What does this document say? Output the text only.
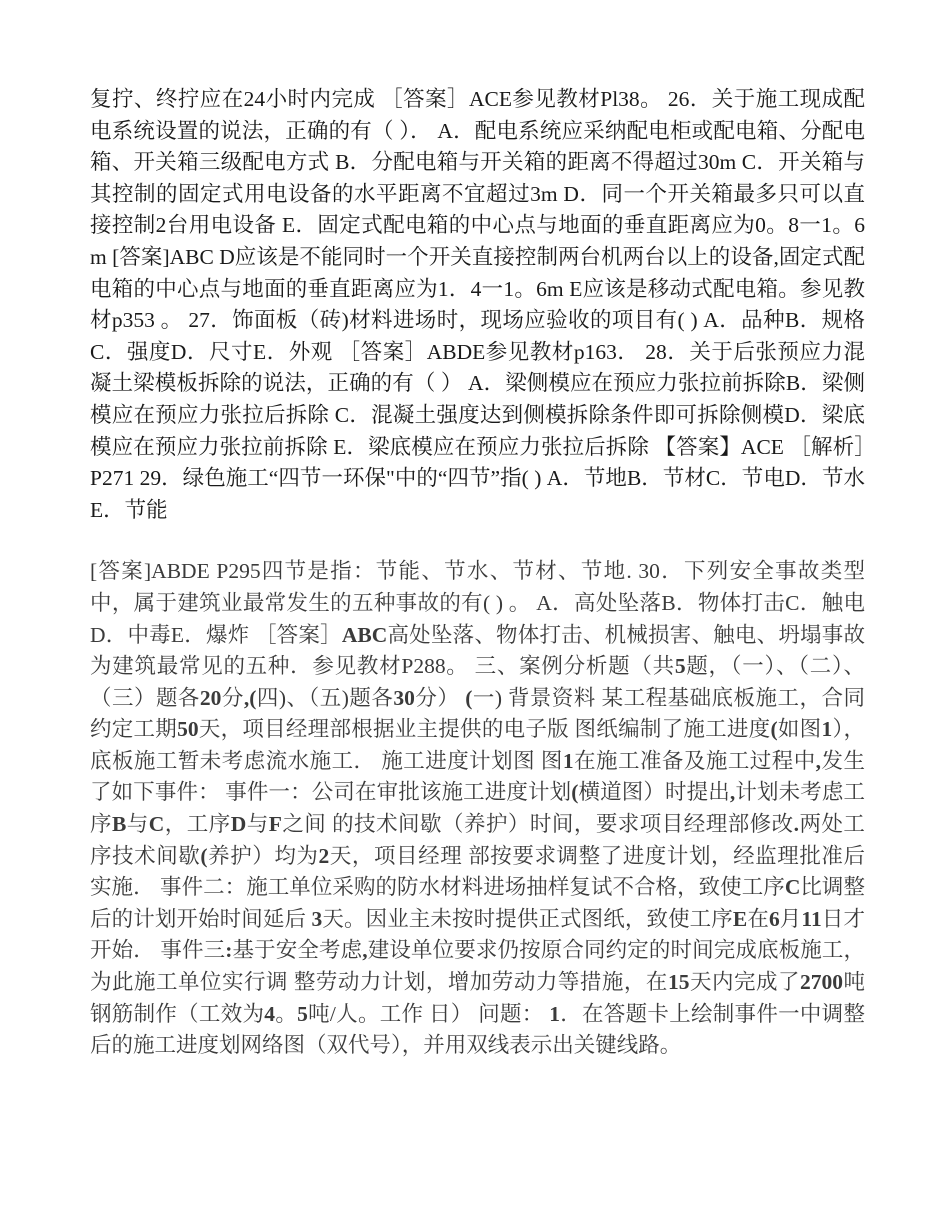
复拧、终拧应在24小时内完成 ［答案］ACE参见教材Pl38。 26．关于施工现成配电系统设置的说法，正确的有（ ）． A．配电系统应采纳配电柜或配电箱、分配电箱、开关箱三级配电方式 B．分配电箱与开关箱的距离不得超过30m C．开关箱与其控制的固定式用电设备的水平距离不宜超过3m D．同一个开关箱最多只可以直接控制2台用电设备 E．固定式配电箱的中心点与地面的垂直距离应为0。8一1。6m [答案]ABC D应该是不能同时一个开关直接控制两台机两台以上的设备,固定式配电箱的中心点与地面的垂直距离应为1．4一1。6m E应该是移动式配电箱。参见教材p353 。 27．饰面板（砖)材料进场时，现场应验收的项目有( ) A．品种B．规格C．强度D．尺寸E．外观 ［答案］ABDE参见教材p163． 28．关于后张预应力混凝土梁模板拆除的说法，正确的有（ ） A．梁侧模应在预应力张拉前拆除B．梁侧模应在预应力张拉后拆除 C．混凝土强度达到侧模拆除条件即可拆除侧模D．梁底模应在预应力张拉前拆除 E．梁底模应在预应力张拉后拆除 【答案】ACE ［解析］P271 29．绿色施工“四节一环保"中的“四节”指( ) A．节地B．节材C．节电D．节水E．节能

[答案]ABDE P295四节是指：节能、节水、节材、节地. 30．下列安全事故类型中，属于建筑业最常发生的五种事故的有( ) 。 A．高处坠落B．物体打击C．触电D．中毒E．爆炸 ［答案］ABC高处坠落、物体打击、机械损害、触电、坍塌事故为建筑最常见的五种．参见教材P288。 三、案例分析题（共5题，（一）、（二）、（三）题各20分,(四)、（五)题各30分） (一) 背景资料 某工程基础底板施工，合同约定工期50天，项目经理部根据业主提供的电子版 图纸编制了施工进度(如图1）， 底板施工暂未考虑流水施工． 施工进度计划图 图1在施工准备及施工过程中,发生了如下事件： 事件一：公司在审批该施工进度计划(横道图）时提出,计划未考虑工序B与C，工序D与F之间 的技术间歇（养护）时间，要求项目经理部修改.两处工序技术间歇(养护）均为2天，项目经理 部按要求调整了进度计划，经监理批准后实施． 事件二：施工单位采购的防水材料进场抽样复试不合格，致使工序C比调整后的计划开始时间延后 3天。因业主未按时提供正式图纸，致使工序E在6月11日才开始． 事件三:基于安全考虑,建设单位要求仍按原合同约定的时间完成底板施工，为此施工单位实行调 整劳动力计划，增加劳动力等措施，在15天内完成了2700吨钢筋制作（工效为4。5吨/人。工作 日） 问题： 1．在答题卡上绘制事件一中调整后的施工进度划网络图（双代号），并用双线表示出关键线路。
